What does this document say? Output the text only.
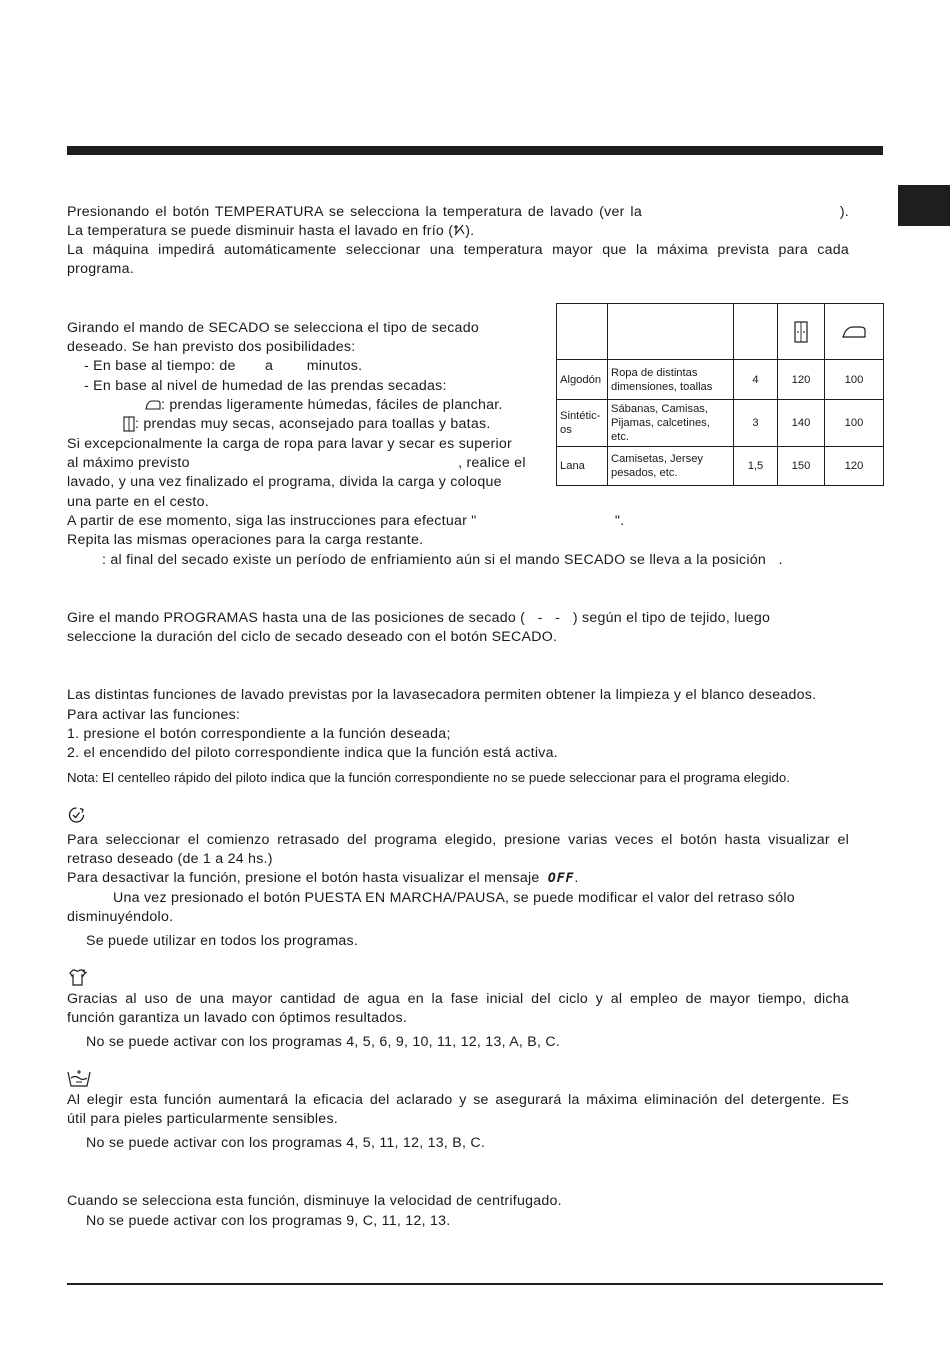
Presionando el botón TEMPERATURA se selecciona la temperatura de lavado (ver la	).
La temperatura se puede disminuir hasta el lavado en frío ( ).
La máquina impedirá automáticamente seleccionar una temperatura mayor que la máxima prevista para cada
programa.
Girando el mando de SECADO se selecciona el tipo de secado
deseado. Se han previsto dos posibilidades:
- En base al tiempo: de a minutos.
- En base al nivel de humedad de las prendas secadas:
: prendas ligeramente húmedas, fáciles de planchar.
: prendas muy secas, aconsejado para toallas y batas.
Si excepcionalmente la carga de ropa para lavar y secar es superior
al máximo previsto	, realice el
lavado, y una vez finalizado el programa, divida la carga y coloque
una parte en el cesto.
A partir de ese momento, siga las instrucciones para efectuar "	".
Repita las mismas operaciones para la carga restante.
: al final del secado existe un período de enfriamiento aún si el mando SECADO se lleva a la posición .

Algodón	Ropa de distintas dimensiones, toallas	4	120	100
Sintétic-os	Sábanas, Camisas, Pijamas, calcetines, etc.	3	140	100
Lana	Camisetas, Jersey pesados, etc.	1,5	150	120
Gire el mando PROGRAMAS hasta una de las posiciones de secado ( - - ) según el tipo de tejido, luego
seleccione la duración del ciclo de secado deseado con el botón SECADO.
Las distintas funciones de lavado previstas por la lavasecadora permiten obtener la limpieza y el blanco deseados.
Para activar las funciones:
1. presione el botón correspondiente a la función deseada;
2. el encendido del piloto correspondiente indica que la función está activa.
Nota: El centelleo rápido del piloto indica que la función correspondiente no se puede seleccionar para el programa elegido.
Para seleccionar el comienzo retrasado del programa elegido, presione varias veces el botón hasta visualizar el
retraso deseado (de 1 a 24 hs.)
Para desactivar la función, presione el botón hasta visualizar el mensaje OFF.
Una vez presionado el botón PUESTA EN MARCHA/PAUSA, se puede modificar el valor del retraso sólo
disminuyéndolo.
Se puede utilizar en todos los programas.
Gracias al uso de una mayor cantidad de agua en la fase inicial del ciclo y al empleo de mayor tiempo, dicha
función garantiza un lavado con óptimos resultados.
No se puede activar con los programas 4, 5, 6, 9, 10, 11, 12, 13, A, B, C.
Al elegir esta función aumentará la eficacia del aclarado y se asegurará la máxima eliminación del detergente. Es
útil para pieles particularmente sensibles.
No se puede activar con los programas 4, 5, 11, 12, 13, B, C.
Cuando se selecciona esta función, disminuye la velocidad de centrifugado.
No se puede activar con los programas 9, C, 11, 12, 13.
